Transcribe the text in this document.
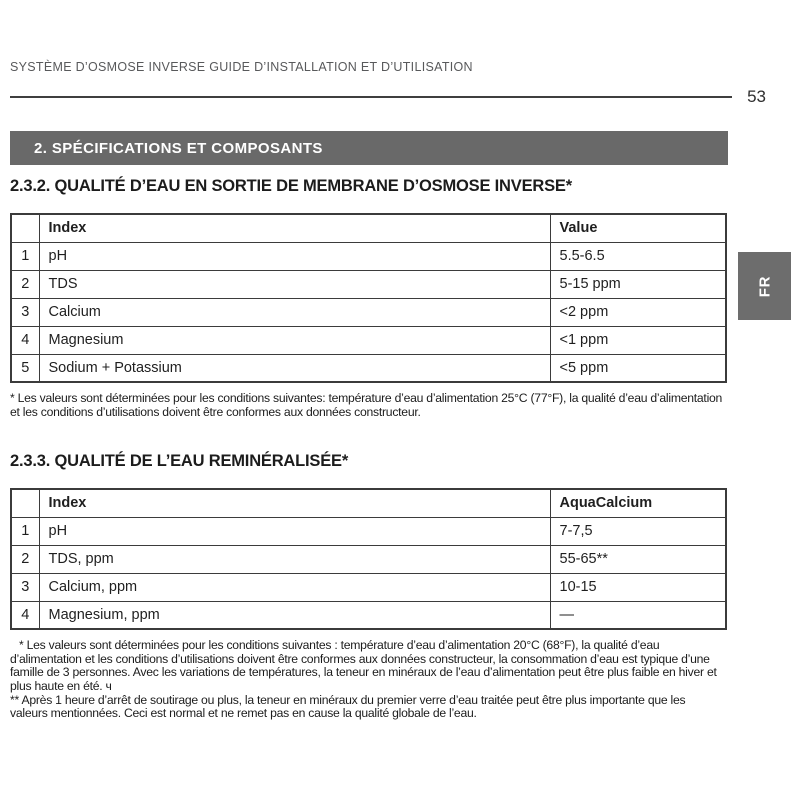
SYSTÈME D’OSMOSE INVERSE GUIDE D’INSTALLATION ET D’UTILISATION
53
2. SPÉCIFICATIONS ET COMPOSANTS
2.3.2. QUALITÉ D’EAU EN SORTIE DE MEMBRANE D’OSMOSE INVERSE*
	Index	Value
1	pH	5.5-6.5
2	TDS	5-15 ppm
3	Calcium	<2 ppm
4	Magnesium	<1 ppm
5	Sodium + Potassium	<5 ppm

* Les valeurs sont déterminées pour les conditions suivantes: température d’eau d’alimentation 25°C (77°F), la qualité d’eau d’alimentation et les conditions d’utilisations doivent être conformes aux données constructeur.

2.3.3. QUALITÉ DE L’EAU REMINÉRALISÉE*
	Index	AquaCalcium
1	pH	7-7,5
2	TDS, ppm	55-65**
3	Calcium, ppm	10-15
4	Magnesium, ppm	—

* Les valeurs sont déterminées pour les conditions suivantes : température d’eau d’alimentation 20°C (68°F), la qualité d’eau d’alimentation et les conditions d’utilisations doivent être conformes aux données constructeur, la consommation d’eau est typique d’une famille de 3 personnes. Avec les variations de températures, la teneur en minéraux de l’eau d’alimentation peut être plus faible en hiver et plus haute en été. ч

** Après 1 heure d’arrêt de soutirage ou plus, la teneur en minéraux du premier verre d’eau traitée peut être plus importante que les valeurs mentionnées. Ceci est normal et ne remet pas en cause la qualité globale de l’eau.

FR
